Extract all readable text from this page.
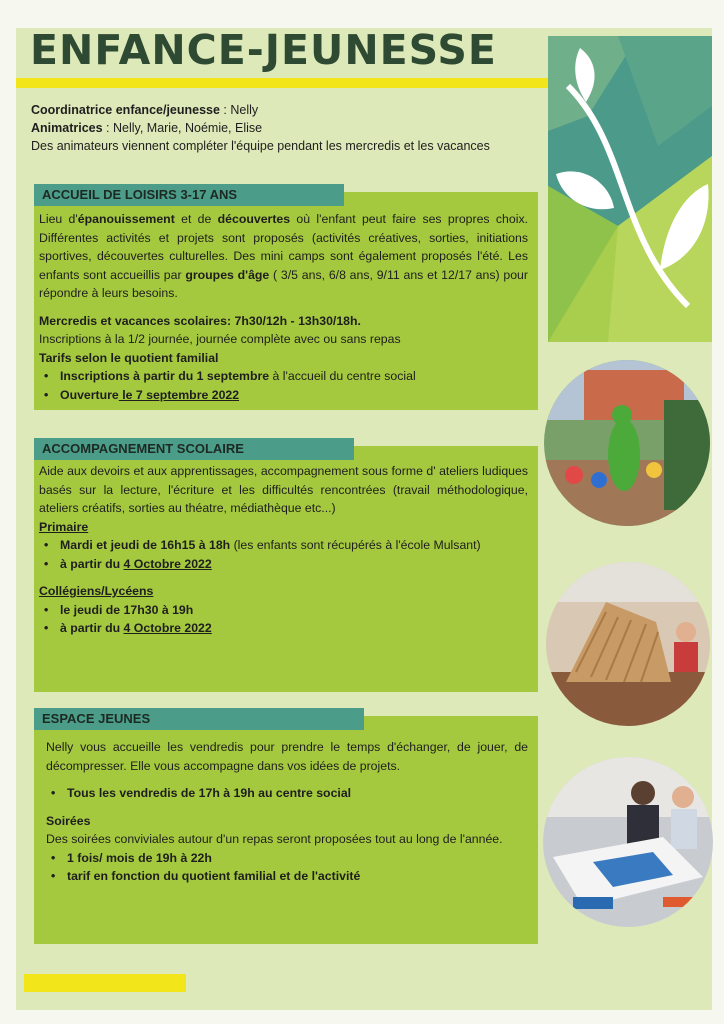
ENFANCE-JEUNESSE
Coordinatrice enfance/jeunesse : Nelly
Animatrices : Nelly, Marie, Noémie, Elise
Des animateurs viennent compléter l'équipe pendant les mercredis et les vacances
ACCUEIL DE LOISIRS 3-17 ANS

Lieu d'épanouissement et de découvertes où l'enfant peut faire ses propres choix. Différentes activités et projets sont proposés (activités créatives, sorties, initiations sportives, découvertes culturelles. Des mini camps sont également proposés l'été. Les enfants sont accueillis par groupes d'âge ( 3/5 ans, 6/8 ans, 9/11 ans et 12/17 ans) pour répondre à leurs besoins.

Mercredis et vacances scolaires: 7h30/12h - 13h30/18h.
Inscriptions à la 1/2 journée, journée complète avec ou sans repas
Tarifs selon le quotient familial
• Inscriptions à partir du 1 septembre à l'accueil du centre social
• Ouverture le 7 septembre 2022
ACCOMPAGNEMENT SCOLAIRE

Aide aux devoirs et aux apprentissages, accompagnement sous forme d' ateliers ludiques basés sur la lecture, l'écriture et les difficultés rencontrées (travail méthodologique, ateliers créatifs, sorties au théatre, médiathèque etc...)

Primaire
• Mardi et jeudi de 16h15 à 18h (les enfants sont récupérés à l'école Mulsant)
• à partir du 4 Octobre 2022
Collégiens/Lycéens
• le jeudi de 17h30 à 19h
• à partir du 4 Octobre 2022
ESPACE JEUNES

Nelly vous accueille les vendredis pour prendre le temps d'échanger, de jouer, de décompresser. Elle vous accompagne dans vos idées de projets.

• Tous les vendredis de 17h à 19h au centre social
Soirées

Des soirées conviviales autour d'un repas seront proposées tout au long de l'année.

• 1 fois/ mois de 19h à 22h
• tarif en fonction du quotient familial et de l'activité
